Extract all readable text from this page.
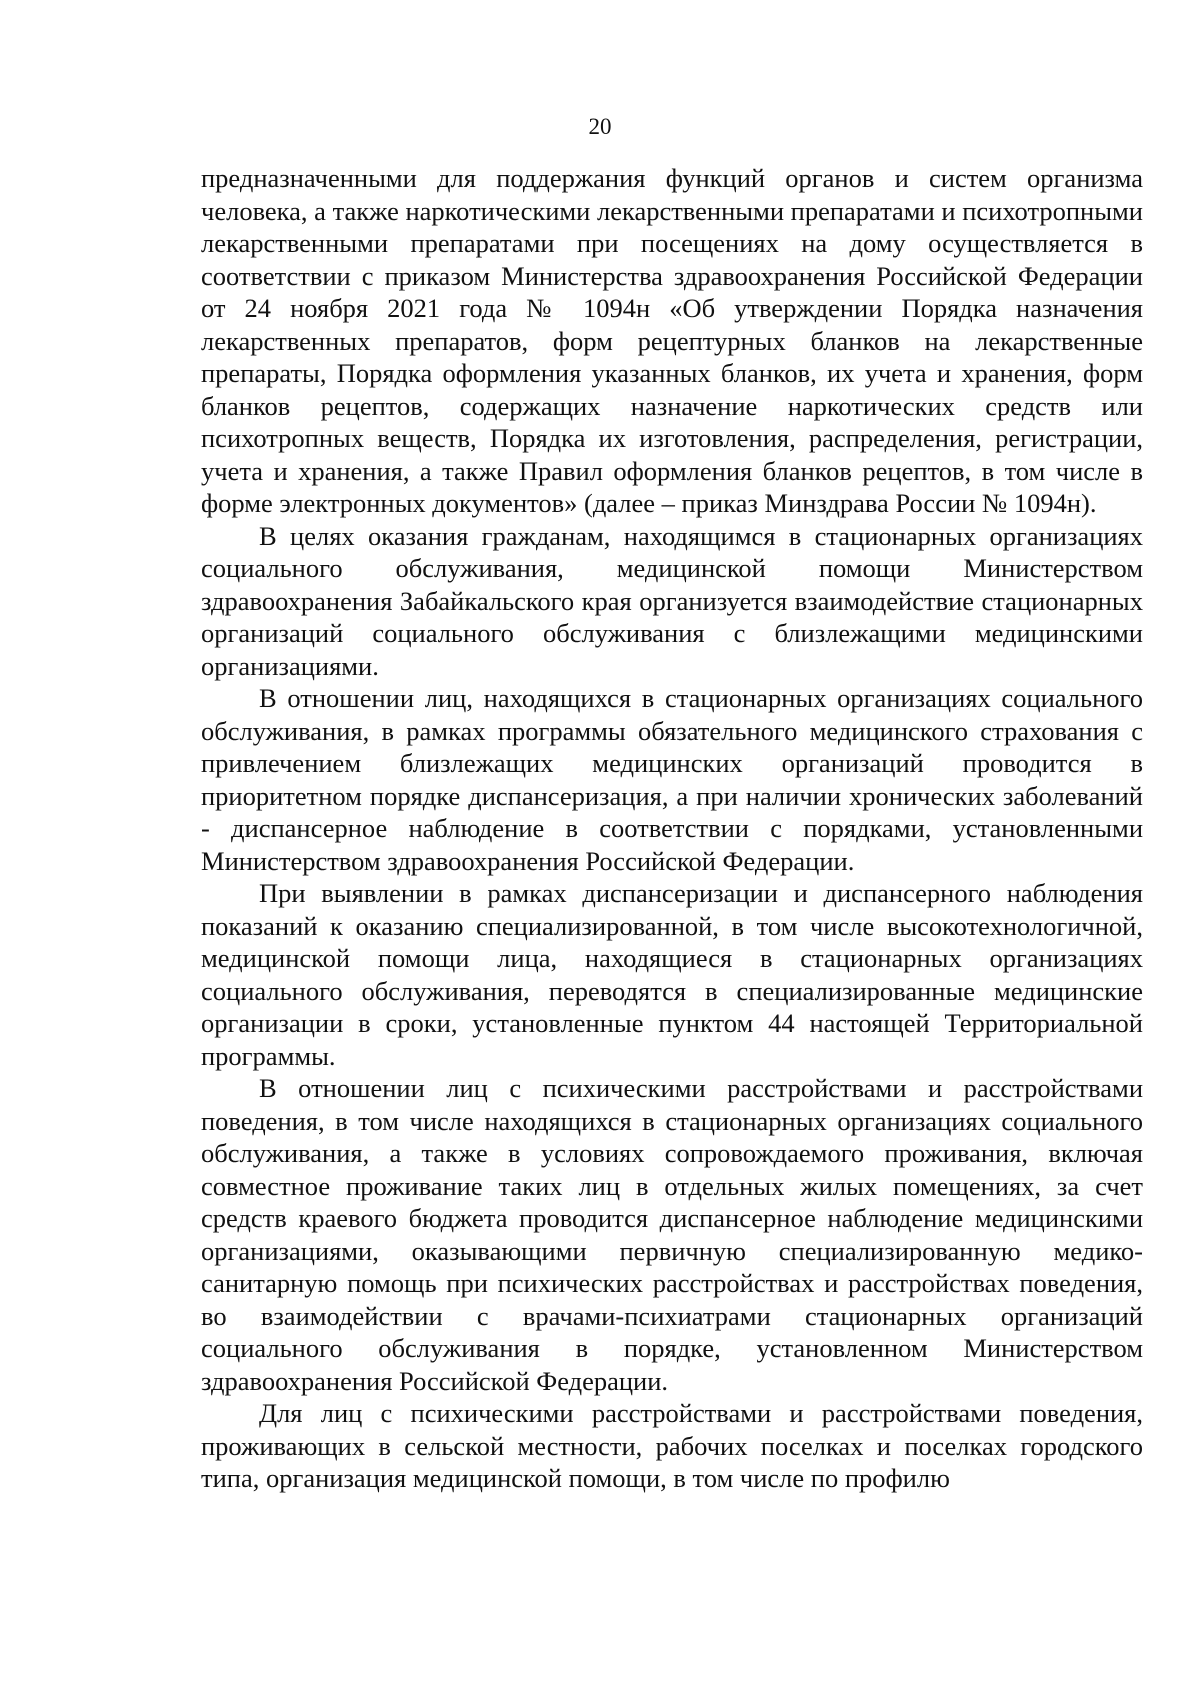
20

предназначенными для поддержания функций органов и систем организма человека, а также наркотическими лекарственными препаратами и психотропными лекарственными препаратами при посещениях на дому осуществляется в соответствии с приказом Министерства здравоохранения Российской Федерации от 24 ноября 2021 года № 1094н «Об утверждении Порядка назначения лекарственных препаратов, форм рецептурных бланков на лекарственные препараты, Порядка оформления указанных бланков, их учета и хранения, форм бланков рецептов, содержащих назначение наркотических средств или психотропных веществ, Порядка их изготовления, распределения, регистрации, учета и хранения, а также Правил оформления бланков рецептов, в том числе в форме электронных документов» (далее – приказ Минздрава России № 1094н).

В целях оказания гражданам, находящимся в стационарных организациях социального обслуживания, медицинской помощи Министерством здравоохранения Забайкальского края организуется взаимодействие стационарных организаций социального обслуживания с близлежащими медицинскими организациями.

В отношении лиц, находящихся в стационарных организациях социального обслуживания, в рамках программы обязательного медицинского страхования с привлечением близлежащих медицинских организаций проводится в приоритетном порядке диспансеризация, а при наличии хронических заболеваний - диспансерное наблюдение в соответствии с порядками, установленными Министерством здравоохранения Российской Федерации.

При выявлении в рамках диспансеризации и диспансерного наблюдения показаний к оказанию специализированной, в том числе высокотехнологичной, медицинской помощи лица, находящиеся в стационарных организациях социального обслуживания, переводятся в специализированные медицинские организации в сроки, установленные пунктом 44 настоящей Территориальной программы.

В отношении лиц с психическими расстройствами и расстройствами поведения, в том числе находящихся в стационарных организациях социального обслуживания, а также в условиях сопровождаемого проживания, включая совместное проживание таких лиц в отдельных жилых помещениях, за счет средств краевого бюджета проводится диспансерное наблюдение медицинскими организациями, оказывающими первичную специализированную медико-санитарную помощь при психических расстройствах и расстройствах поведения, во взаимодействии с врачами-психиатрами стационарных организаций социального обслуживания в порядке, установленном Министерством здравоохранения Российской Федерации.

Для лиц с психическими расстройствами и расстройствами поведения, проживающих в сельской местности, рабочих поселках и поселках городского типа, организация медицинской помощи, в том числе по профилю
